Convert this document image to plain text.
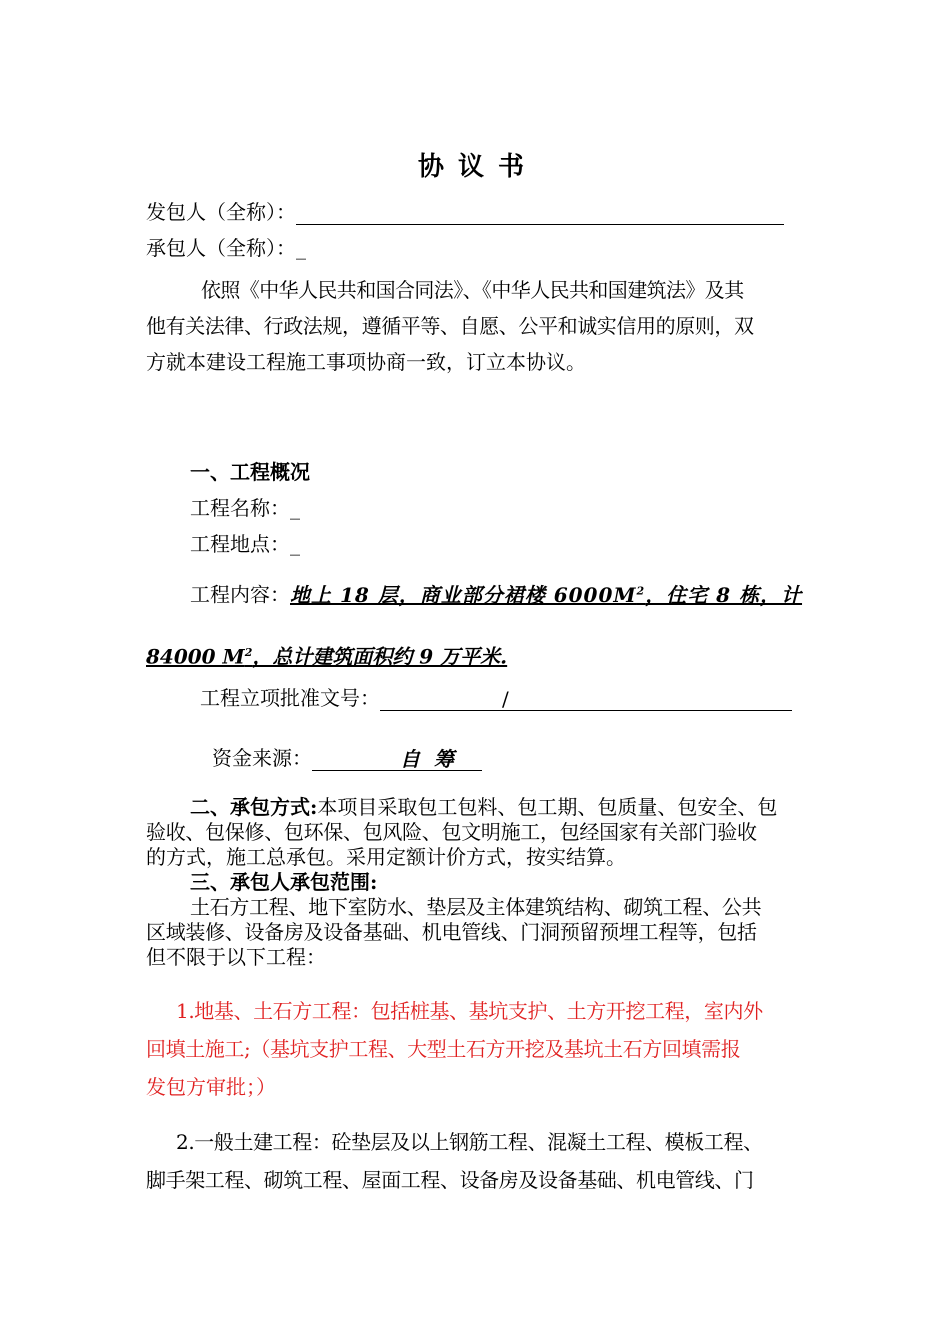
协议书
发包人（全称）：
承包人（全称）：_
依照《中华人民共和国合同法》、《中华人民共和国建筑法》及其
他有关法律、行政法规，遵循平等、自愿、公平和诚实信用的原则，双
方就本建设工程施工事项协商一致，订立本协议。
一、工程概况
工程名称：_
工程地点：_
工程内容：地上 18 层，商业部分裙楼 $6000M^2$，住宅 8 栋，计
84000 $M^2$，总计建筑面积约 9 万平米.
工程立项批准文号：	/
资金来源：	自  筹
二、承包方式:本项目采取包工包料、包工期、包质量、包安全、包
验收、包保修、包环保、包风险、包文明施工，包经国家有关部门验收
的方式，施工总承包。采用定额计价方式，按实结算。
三、承包人承包范围:
土石方工程、地下室防水、垫层及主体建筑结构、砌筑工程、公共
区域装修、设备房及设备基础、机电管线、门洞预留预埋工程等，包括
但不限于以下工程：
1.地基、土石方工程：包括桩基、基坑支护、土方开挖工程，室内外
回填土施工;（基坑支护工程、大型土石方开挖及基坑土石方回填需报
发包方审批；）
2.一般土建工程：砼垫层及以上钢筋工程、混凝土工程、模板工程、
脚手架工程、砌筑工程、屋面工程、设备房及设备基础、机电管线、门
